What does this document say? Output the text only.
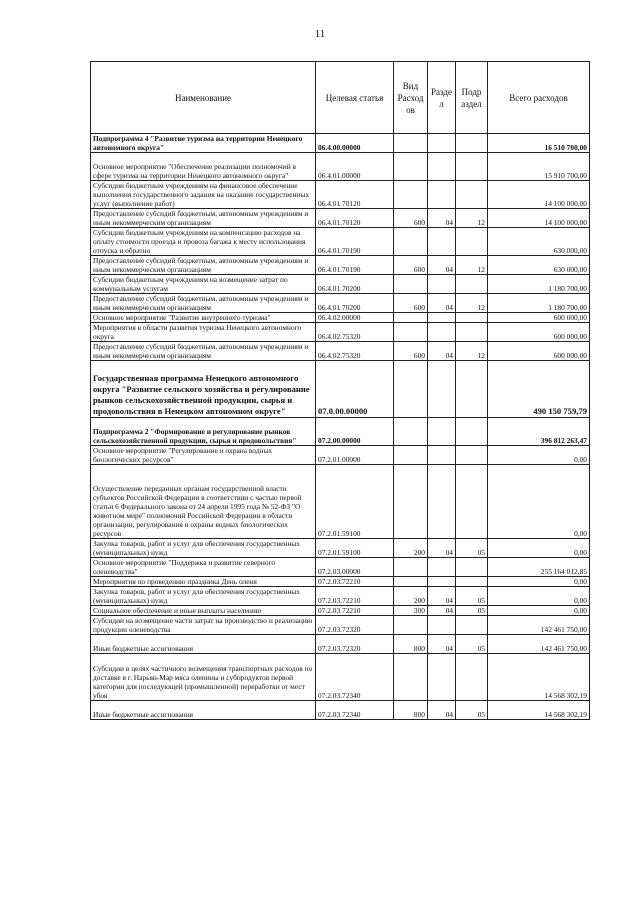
11
Наименование	Целевая статья	Вид Расход ов	Разде л	Подр аздел	Всего расходов
Подпрограмма 4 "Развитие туризма на территории Ненецкого автономного округа"	06.4.00.00000				16 510 700,00
Основное мероприятие "Обеспечение реализации полномочий в сфере туризма на территории Ненецкого автономного округа"	06.4.01.00000				15 910 700,00
Субсидии бюджетным учреждениям на финансовое обеспечение выполнения государственного задания на оказание государственных услуг (выполнение работ)	06.4.01.70120				14 100 000,00
Предоставление субсидий бюджетным, автономным учреждениям и иным некоммерческим организациям	06.4.01.70120	600	04	12	14 100 000,00
Субсидии бюджетным учреждениям на компенсацию расходов на оплату стоимости проезда и провоза багажа к месту использования отпуска и обратно	06.4.01.70190				630 000,00
Предоставление субсидий бюджетным, автономным учреждениям и иным некоммерческим организациям	06.4.01.70190	600	04	12	630 000,00
Субсидии бюджетным учреждениям на возмещение затрат по коммунальным услугам	06.4.01.70200				1 180 700,00
Предоставление субсидий бюджетным, автономным учреждениям и иным некоммерческим организациям	06.4.01.70200	600	04	12	1 180 700,00
Основное мероприятие "Развитие внутреннего туризма"	06.4.02.00000				600 000,00
Мероприятия в области развития туризма Ненецкого автономного округа	06.4.02.75320				600 000,00
Предоставление субсидий бюджетным, автономным учреждениям и иным некоммерческим организациям	06.4.02.75320	600	04	12	600 000,00
Государственная программа Ненецкого автономного округа "Развитие сельского хозяйства и регулирование рынков сельскохозяйственной продукции, сырья и продовольствия в Ненецком автономном округе"	07.0.00.00000				490 150 759,79
Подпрограмма 2 "Формирование и регулирование рынков сельскохозяйственной продукции, сырья и продовольствия"	07.2.00.00000				396 812 263,47
Основное мероприятие "Регулирование и охрана водных биологических ресурсов"	07.2.01.00000				0,00
Осуществление переданных органам государственной власти субъектов Российской Федерации в соответствии с частью первой статьи 6 Федерального закона от 24 апреля 1995 года № 52-ФЗ "О животном мире" полномочий Российской Федерации в области организации, регулирования и охраны водных биологических ресурсов	07.2.01.59100				0,00
Закупка товаров, работ и услуг для обеспечения государственных (муниципальных) нужд	07.2.01.59100	200	04	05	0,00
Основное мероприятие "Поддержка и развитие северного оленеводства"	07.2.03.00000				255 164 012,85
Мероприятия по проведению праздника День оленя	07.2.03.72210				0,00
Закупка товаров, работ и услуг для обеспечения государственных (муниципальных) нужд	07.2.03.72210	200	04	05	0,00
Социальное обеспечение и иные выплаты населению	07.2.03.72210	300	04	05	0,00
Субсидии на возмещение части затрат на производство и реализацию продукции оленеводства	07.2.03.72320				142 461 750,00
Иные бюджетные ассигнования	07.2.03.72320	800	04	05	142 461 750,00
Субсидии в целях частичного возмещения транспортных расходов по доставке в г. Нарьян-Мар мяса оленины и субпродуктов первой категории для последующей (промышленной) переработки от мест убоя	07.2.03.72340				14 568 302,19
Иные бюджетные ассигнования	07.2.03.72340	800	04	05	14 568 302,19
